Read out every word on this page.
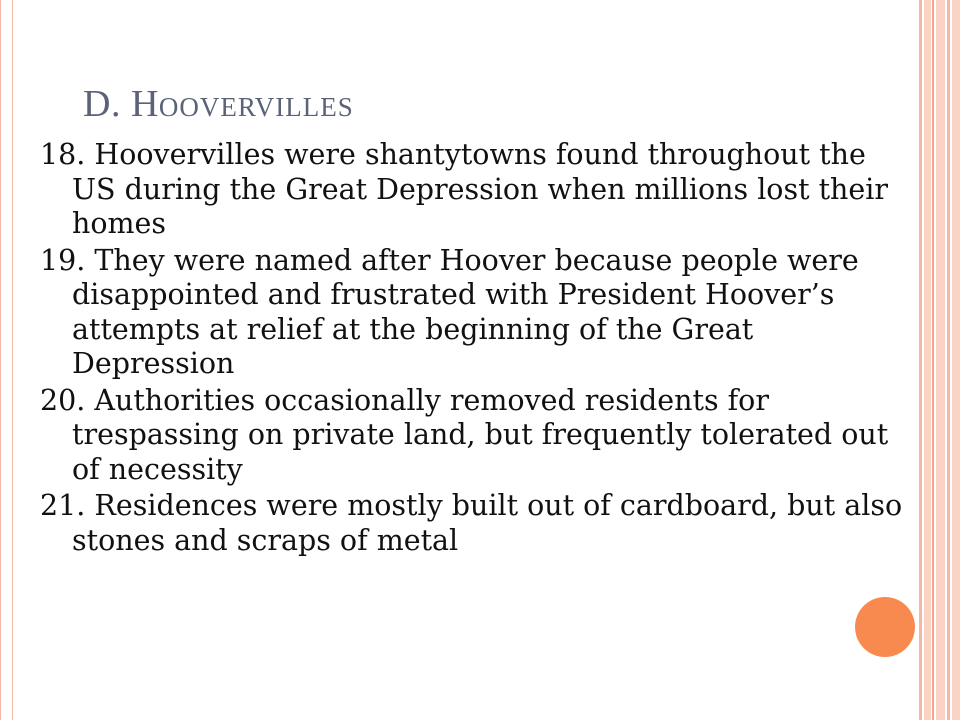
D. HOOVERVILLES

18. Hoovervilles were shantytowns found throughout the US during the Great Depression when millions lost their homes

19. They were named after Hoover because people were disappointed and frustrated with President Hoover’s attempts at relief at the beginning of the Great Depression

20. Authorities occasionally removed residents for trespassing on private land, but frequently tolerated out of necessity

21. Residences were mostly built out of cardboard, but also stones and scraps of metal
